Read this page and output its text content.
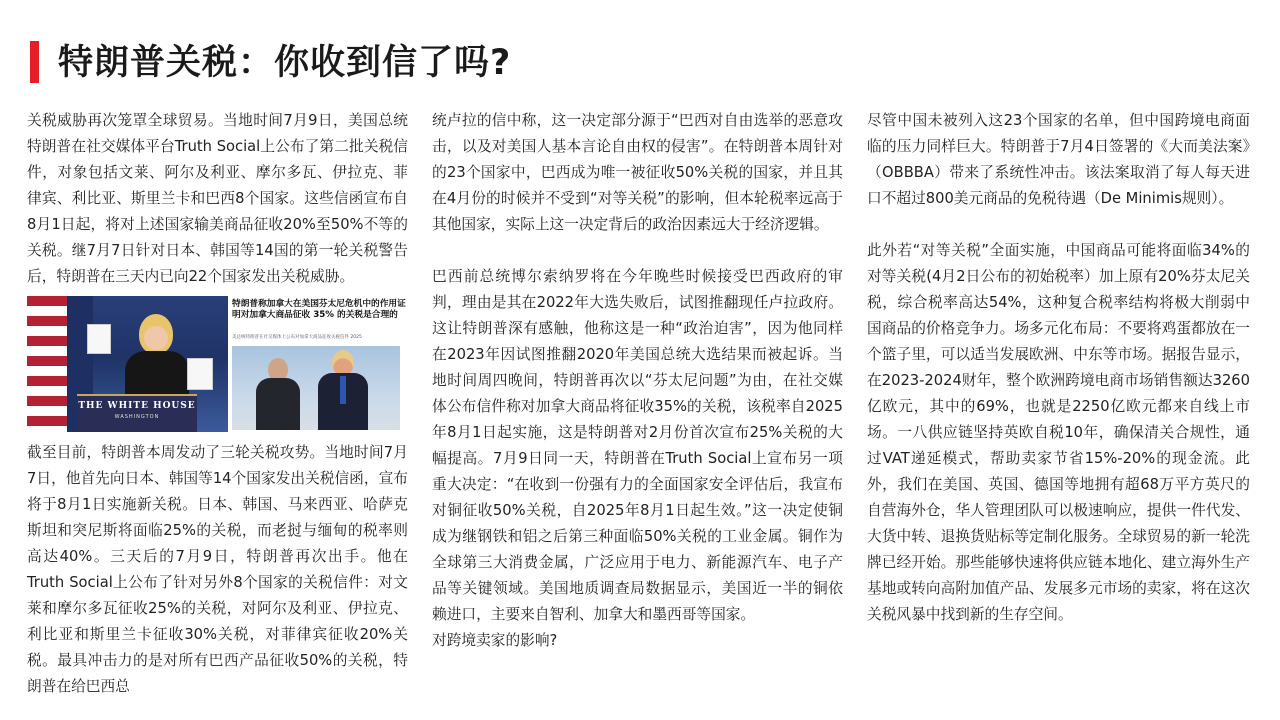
特朗普关税：你收到信了吗?

关税威胁再次笼罩全球贸易。当地时间7月9日，美国总统特朗普在社交媒体平台Truth Social上公布了第二批关税信件，对象包括文莱、阿尔及利亚、摩尔多瓦、伊拉克、菲律宾、利比亚、斯里兰卡和巴西8个国家。这些信函宣布自8月1日起，将对上述国家输美商品征收20%至50%不等的关税。继7月7日针对日本、韩国等14国的第一轮关税警告后，特朗普在三天内已向22个国家发出关税威胁。

THE WHITE HOUSE
WASHINGTON
特朗普称加拿大在美国芬太尼危机中的作用证明对加拿大商品征收 35% 的关税是合理的
美总统特朗普在社交媒体上公布对加拿大商品征收关税信件 2025

截至目前，特朗普本周发动了三轮关税攻势。当地时间7月7日，他首先向日本、韩国等14个国家发出关税信函，宣布将于8月1日实施新关税。日本、韩国、马来西亚、哈萨克斯坦和突尼斯将面临25%的关税，而老挝与缅甸的税率则高达40%。三天后的7月9日，特朗普再次出手。他在Truth Social上公布了针对另外8个国家的关税信件：对文莱和摩尔多瓦征收25%的关税，对阿尔及利亚、伊拉克、利比亚和斯里兰卡征收30%关税，对菲律宾征收20%关税。最具冲击力的是对所有巴西产品征收50%的关税，特朗普在给巴西总

统卢拉的信中称，这一决定部分源于“巴西对自由选举的恶意攻击，以及对美国人基本言论自由权的侵害”。在特朗普本周针对的23个国家中，巴西成为唯一被征收50%关税的国家，并且其在4月份的时候并不受到“对等关税”的影响，但本轮税率远高于其他国家，实际上这一决定背后的政治因素远大于经济逻辑。

巴西前总统博尔索纳罗将在今年晚些时候接受巴西政府的审判，理由是其在2022年大选失败后，试图推翻现任卢拉政府。这让特朗普深有感触，他称这是一种“政治迫害”，因为他同样在2023年因试图推翻2020年美国总统大选结果而被起诉。当地时间周四晚间，特朗普再次以“芬太尼问题”为由，在社交媒体公布信件称对加拿大商品将征收35%的关税，该税率自2025年8月1日起实施，这是特朗普对2月份首次宣布25%关税的大幅提高。7月9日同一天，特朗普在Truth Social上宣布另一项重大决定：“在收到一份强有力的全面国家安全评估后，我宣布对铜征收50%关税，自2025年8月1日起生效。”这一决定使铜成为继钢铁和铝之后第三种面临50%关税的工业金属。铜作为全球第三大消费金属，广泛应用于电力、新能源汽车、电子产品等关键领域。美国地质调查局数据显示，美国近一半的铜依赖进口，主要来自智利、加拿大和墨西哥等国家。

对跨境卖家的影响?

尽管中国未被列入这23个国家的名单，但中国跨境电商面临的压力同样巨大。特朗普于7月4日签署的《大而美法案》（OBBBA）带来了系统性冲击。该法案取消了每人每天进口不超过800美元商品的免税待遇（De Minimis规则）。

此外若“对等关税”全面实施，中国商品可能将面临34%的对等关税(4月2日公布的初始税率）加上原有20%芬太尼关税，综合税率高达54%，这种复合税率结构将极大削弱中国商品的价格竞争力。场多元化布局：不要将鸡蛋都放在一个篮子里，可以适当发展欧洲、中东等市场。据报告显示，在2023-2024财年，整个欧洲跨境电商市场销售额达3260亿欧元，其中的69%，也就是2250亿欧元都来自线上市场。一八供应链坚持英欧自税10年，确保清关合规性，通过VAT递延模式，帮助卖家节省15%-20%的现金流。此外，我们在美国、英国、德国等地拥有超68万平方英尺的自营海外仓，华人管理团队可以极速响应，提供一件代发、大货中转、退换货贴标等定制化服务。全球贸易的新一轮洗牌已经开始。那些能够快速将供应链本地化、建立海外生产基地或转向高附加值产品、发展多元市场的卖家，将在这次关税风暴中找到新的生存空间。
